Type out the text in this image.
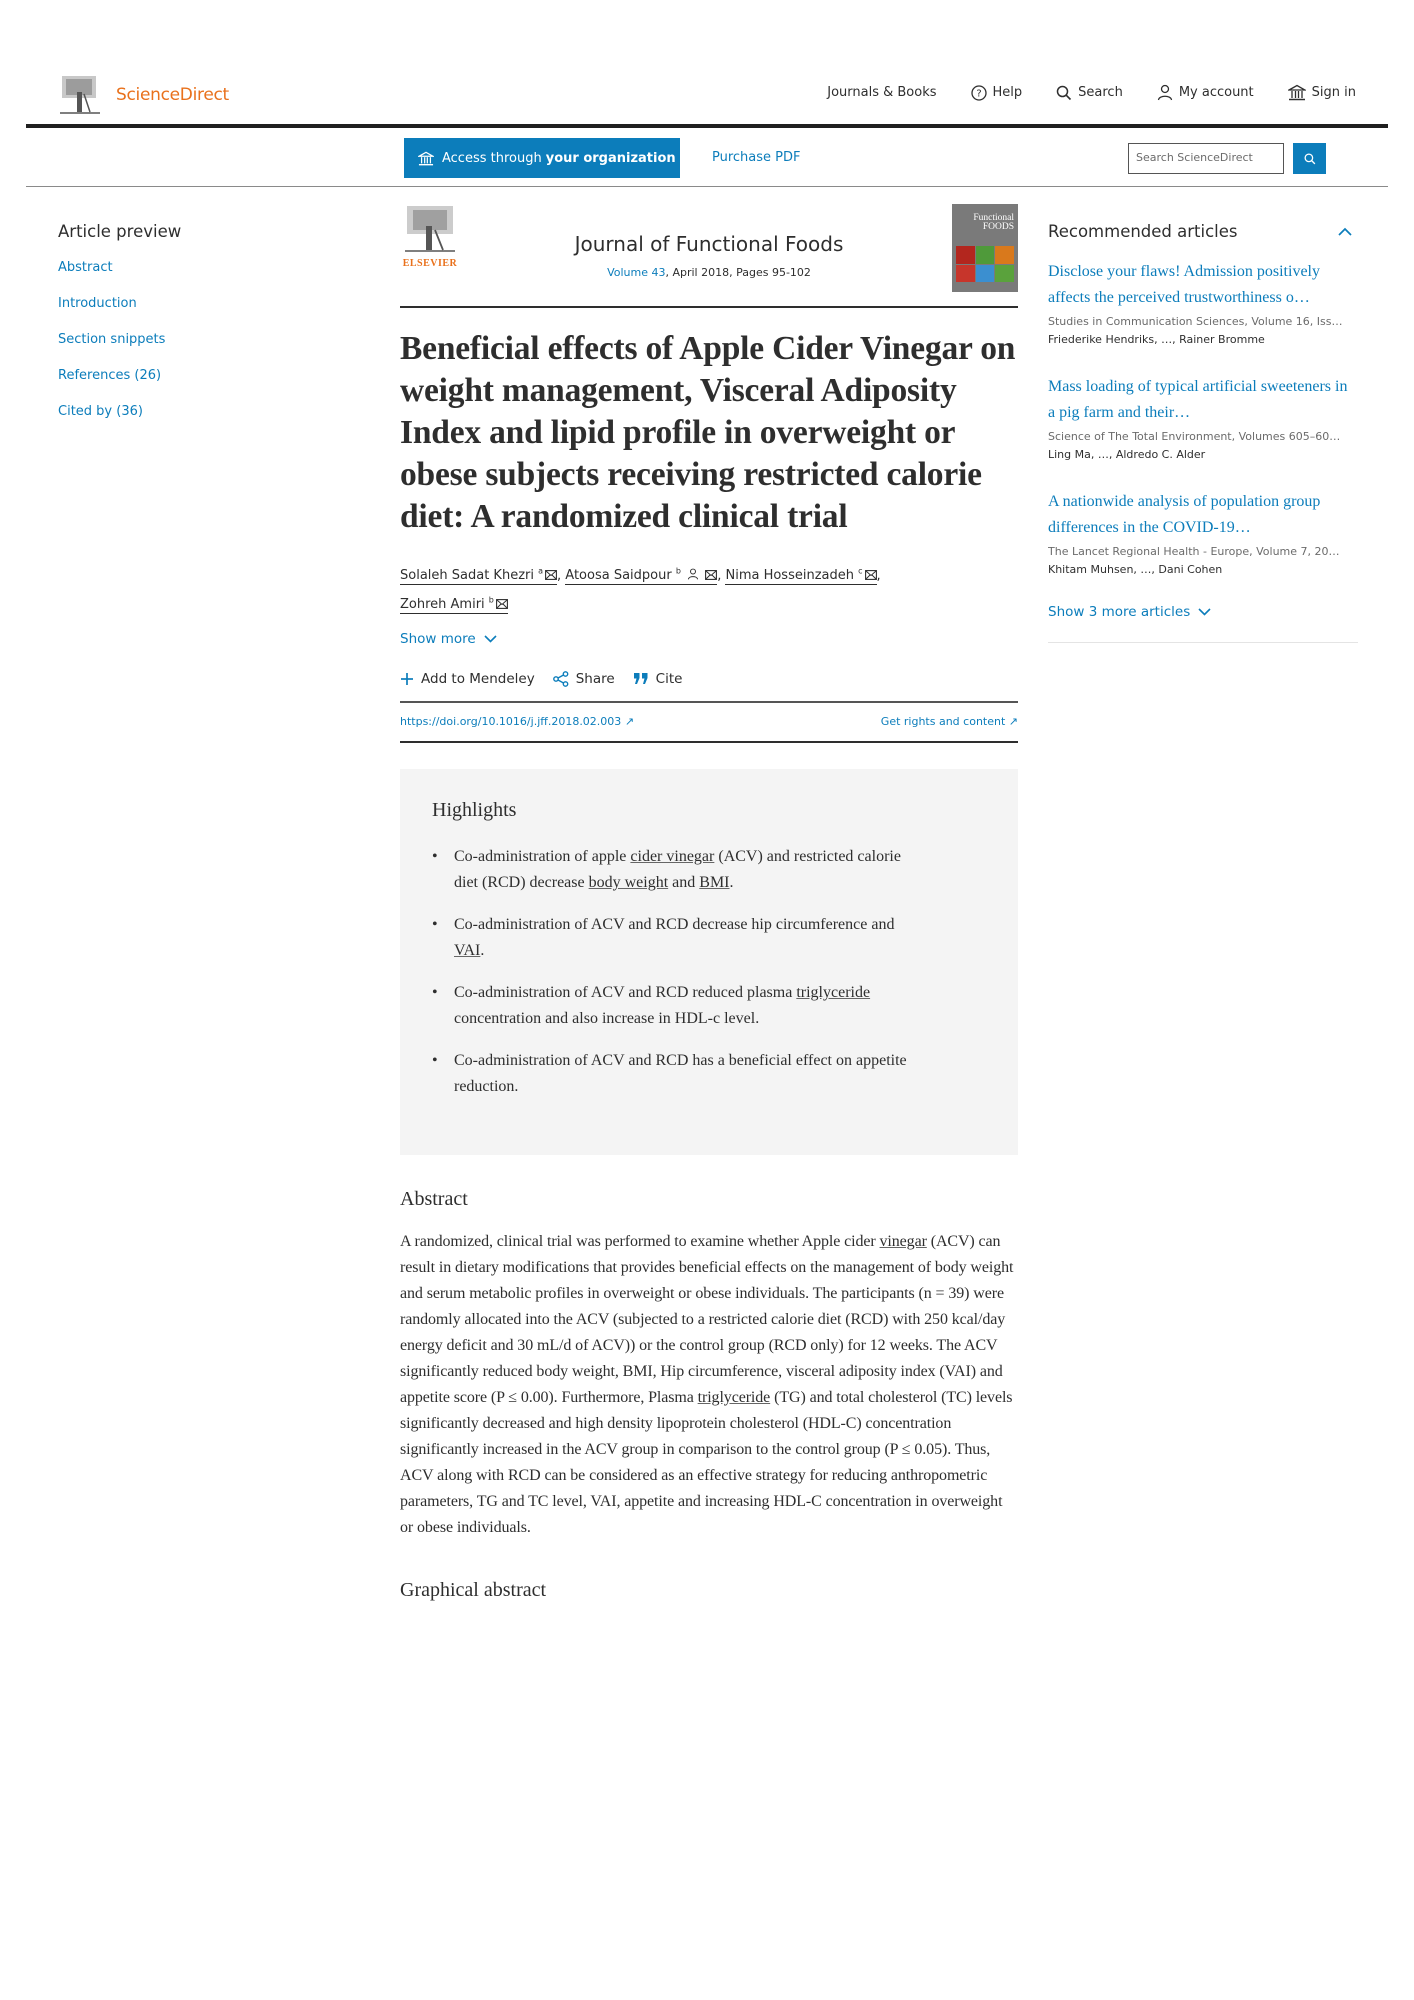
ScienceDirect	Journals & Books	? Help	Search	My account	Sign in
Access through your organization	Purchase PDF	Search ScienceDirect
Article preview
Abstract
Introduction
Section snippets
References (26)
Cited by (36)
ELSEVIER
Journal of Functional Foods
Volume 43, April 2018, Pages 95-102
Functional
FOODS
Beneficial effects of Apple Cider Vinegar on weight management, Visceral Adiposity Index and lipid profile in overweight or obese subjects receiving restricted calorie diet: A randomized clinical trial
Solaleh Sadat Khezri $^a$ , Atoosa Saidpour $^b$	, Nima Hosseinzadeh $^c$ ,
Zohreh Amiri $^b$
Show more
Add to Mendeley	Share	Cite
https://doi.org/10.1016/j.jff.2018.02.003 ↗	Get rights and content ↗
Highlights
• Co-administration of apple cider vinegar (ACV) and restricted calorie diet (RCD) decrease body weight and BMI.
• Co-administration of ACV and RCD decrease hip circumference and VAI.
• Co-administration of ACV and RCD reduced plasma triglyceride concentration and also increase in HDL-c level.
• Co-administration of ACV and RCD has a beneficial effect on appetite reduction.
Abstract

A randomized, clinical trial was performed to examine whether Apple cider vinegar (ACV) can result in dietary modifications that provides beneficial effects on the management of body weight and serum metabolic profiles in overweight or obese individuals. The participants (n = 39) were randomly allocated into the ACV (subjected to a restricted calorie diet (RCD) with 250 kcal/day energy deficit and 30 mL/d of ACV)) or the control group (RCD only) for 12 weeks. The ACV significantly reduced body weight, BMI, Hip circumference, visceral adiposity index (VAI) and appetite score (P ≤ 0.00). Furthermore, Plasma triglyceride (TG) and total cholesterol (TC) levels significantly decreased and high density lipoprotein cholesterol (HDL-C) concentration significantly increased in the ACV group in comparison to the control group (P ≤ 0.05). Thus, ACV along with RCD can be considered as an effective strategy for reducing anthropometric parameters, TG and TC level, VAI, appetite and increasing HDL-C concentration in overweight or obese individuals.

Graphical abstract
Recommended articles
Disclose your flaws! Admission positively affects the perceived trustworthiness o…
Studies in Communication Sciences, Volume 16, Iss…
Friederike Hendriks, …, Rainer Bromme
Mass loading of typical artificial sweeteners in a pig farm and their…
Science of The Total Environment, Volumes 605–60…
Ling Ma, …, Aldredo C. Alder
A nationwide analysis of population group differences in the COVID-19…
The Lancet Regional Health - Europe, Volume 7, 20…
Khitam Muhsen, …, Dani Cohen
Show 3 more articles
